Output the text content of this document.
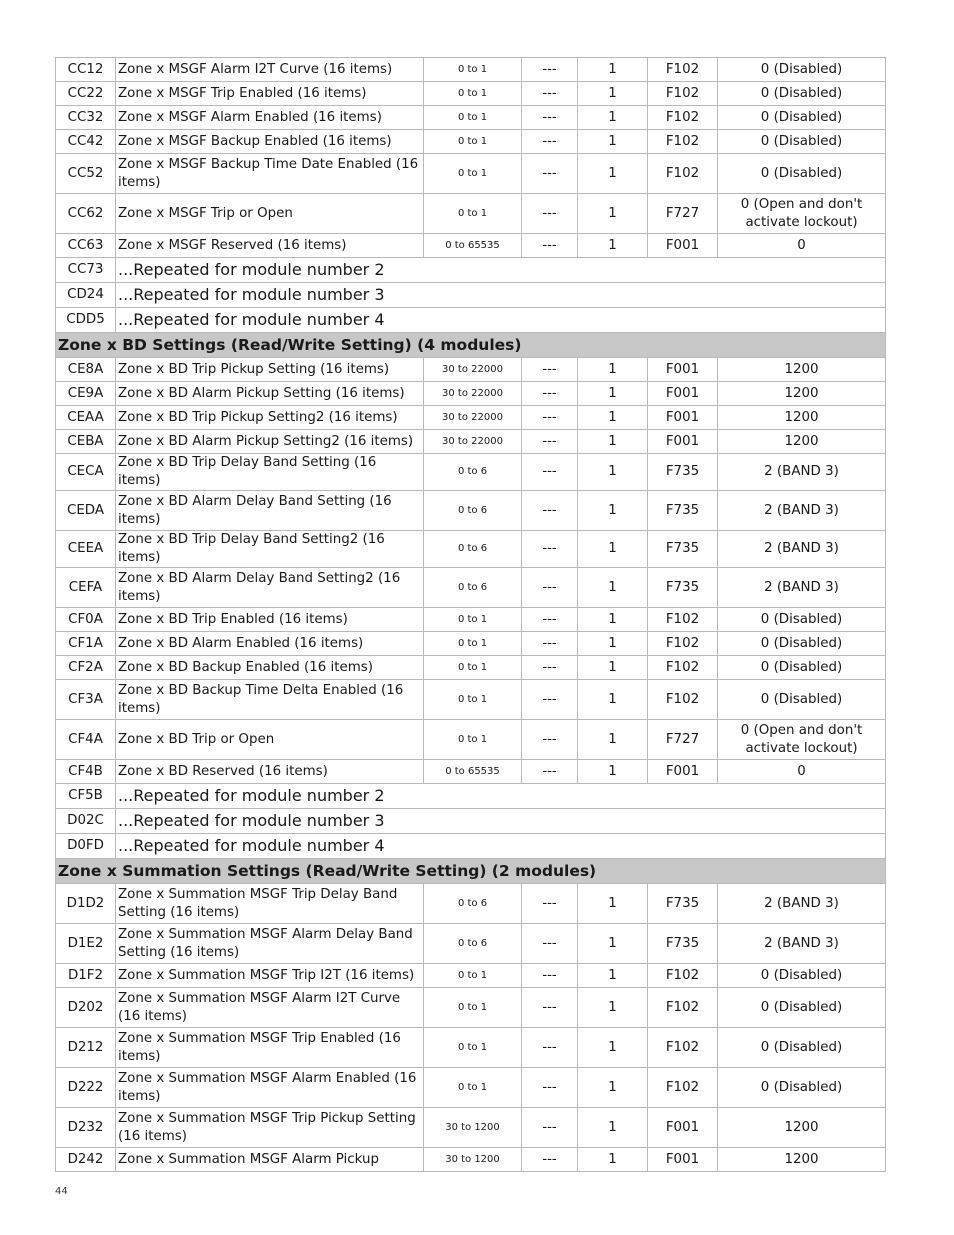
CC12	Zone x MSGF Alarm I2T Curve (16 items)	0 to 1	---	1	F102	0 (Disabled)
CC22	Zone x MSGF Trip Enabled (16 items)	0 to 1	---	1	F102	0 (Disabled)
CC32	Zone x MSGF Alarm Enabled (16 items)	0 to 1	---	1	F102	0 (Disabled)
CC42	Zone x MSGF Backup Enabled (16 items)	0 to 1	---	1	F102	0 (Disabled)
CC52	Zone x MSGF Backup Time Date Enabled (16 items)	0 to 1	---	1	F102	0 (Disabled)
CC62	Zone x MSGF Trip or Open	0 to 1	---	1	F727	0 (Open and don't activate lockout)
CC63	Zone x MSGF Reserved (16 items)	0 to 65535	---	1	F001	0
CC73	...Repeated for module number 2					
CD24	...Repeated for module number 3					
CDD5	...Repeated for module number 4					
Zone x BD Settings (Read/Write Setting) (4 modules)						
CE8A	Zone x BD Trip Pickup Setting (16 items)	30 to 22000	---	1	F001	1200
CE9A	Zone x BD Alarm Pickup Setting (16 items)	30 to 22000	---	1	F001	1200
CEAA	Zone x BD Trip Pickup Setting2 (16 items)	30 to 22000	---	1	F001	1200
CEBA	Zone x BD Alarm Pickup Setting2 (16 items)	30 to 22000	---	1	F001	1200
CECA	Zone x BD Trip Delay Band Setting (16 items)	0 to 6	---	1	F735	2 (BAND 3)
CEDA	Zone x BD Alarm Delay Band Setting (16 items)	0 to 6	---	1	F735	2 (BAND 3)
CEEA	Zone x BD Trip Delay Band Setting2 (16 items)	0 to 6	---	1	F735	2 (BAND 3)
CEFA	Zone x BD Alarm Delay Band Setting2 (16 items)	0 to 6	---	1	F735	2 (BAND 3)
CF0A	Zone x BD Trip Enabled (16 items)	0 to 1	---	1	F102	0 (Disabled)
CF1A	Zone x BD Alarm Enabled (16 items)	0 to 1	---	1	F102	0 (Disabled)
CF2A	Zone x BD Backup Enabled (16 items)	0 to 1	---	1	F102	0 (Disabled)
CF3A	Zone x BD Backup Time Delta Enabled (16 items)	0 to 1	---	1	F102	0 (Disabled)
CF4A	Zone x BD Trip or Open	0 to 1	---	1	F727	0 (Open and don't activate lockout)
CF4B	Zone x BD Reserved (16 items)	0 to 65535	---	1	F001	0
CF5B	...Repeated for module number 2					
D02C	...Repeated for module number 3					
D0FD	...Repeated for module number 4					
Zone x Summation Settings (Read/Write Setting) (2 modules)						
D1D2	Zone x Summation MSGF Trip Delay Band Setting (16 items)	0 to 6	---	1	F735	2 (BAND 3)
D1E2	Zone x Summation MSGF Alarm Delay Band Setting (16 items)	0 to 6	---	1	F735	2 (BAND 3)
D1F2	Zone x Summation MSGF Trip I2T (16 items)	0 to 1	---	1	F102	0 (Disabled)
D202	Zone x Summation MSGF Alarm I2T Curve (16 items)	0 to 1	---	1	F102	0 (Disabled)
D212	Zone x Summation MSGF Trip Enabled (16 items)	0 to 1	---	1	F102	0 (Disabled)
D222	Zone x Summation MSGF Alarm Enabled (16 items)	0 to 1	---	1	F102	0 (Disabled)
D232	Zone x Summation MSGF Trip Pickup Setting (16 items)	30 to 1200	---	1	F001	1200
D242	Zone x Summation MSGF Alarm Pickup	30 to 1200	---	1	F001	1200
44
